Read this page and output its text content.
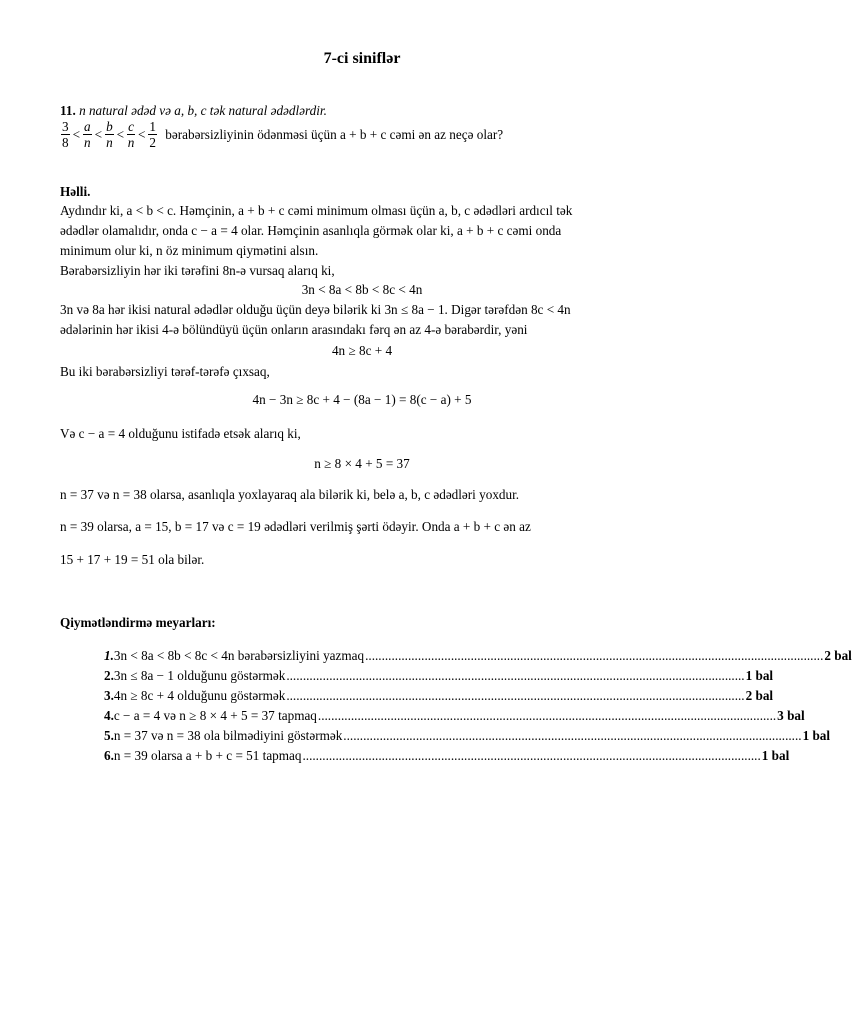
7-ci siniflər
11. n natural ədəd və a, b, c tək natural ədədlərdir.
$\frac{3}{8} < \frac{a}{n} < \frac{b}{n} < \frac{c}{n} < \frac{1}{2}$ bərabərsizliyinin ödənməsi üçün a + b + c cəmi ən az neçə olar?
Həlli.
Aydındır ki, a < b < c. Həmçinin, a + b + c cəmi minimum olması üçün a, b, c ədədləri ardıcıl tək
ədədlər olamalıdır, onda c − a = 4 olar. Həmçinin asanlıqla görmək olar ki, a + b + c cəmi onda
minimum olur ki, n öz minimum qiymətini alsın.
Bərabərsizliyin hər iki tərəfini 8n-ə vursaq alarıq ki,
3n < 8a < 8b < 8c < 4n
3n və 8a hər ikisi natural ədədlər olduğu üçün deyə bilərik ki 3n ≤ 8a − 1. Digər tərəfdən 8c < 4n
ədələrinin hər ikisi 4-ə bölündüyü üçün onların arasındakı fərq ən az 4-ə bərabərdir, yəni
4n ≥ 8c + 4
Bu iki bərabərsizliyi tərəf-tərəfə çıxsaq,
4n − 3n ≥ 8c + 4 − (8a − 1) = 8(c − a) + 5
Və c − a = 4 olduğunu istifadə etsək alarıq ki,
n ≥ 8 × 4 + 5 = 37
n = 37 və n = 38 olarsa, asanlıqla yoxlayaraq ala bilərik ki, belə a, b, c ədədləri yoxdur.
n = 39 olarsa, a = 15, b = 17 və c = 19 ədədləri verilmiş şərti ödəyir. Onda a + b + c ən az
15 + 17 + 19 = 51 ola bilər.
Qiymətləndirmə meyarları:
1. 3n < 8a < 8b < 8c < 4n bərabərsizliyini yazmaq ........................................................................................................................................... 2 bal
2. 3n ≤ 8a − 1 olduğunu göstərmək ........................................................................................................................................... 1 bal
3. 4n ≥ 8c + 4 olduğunu göstərmək ........................................................................................................................................... 2 bal
4. c − a = 4 və n ≥ 8 × 4 + 5 = 37 tapmaq ........................................................................................................................................... 3 bal
5. n = 37 və n = 38 ola bilmədiyini göstərmək ........................................................................................................................................... 1 bal
6. n = 39 olarsa a + b + c = 51 tapmaq ........................................................................................................................................... 1 bal
